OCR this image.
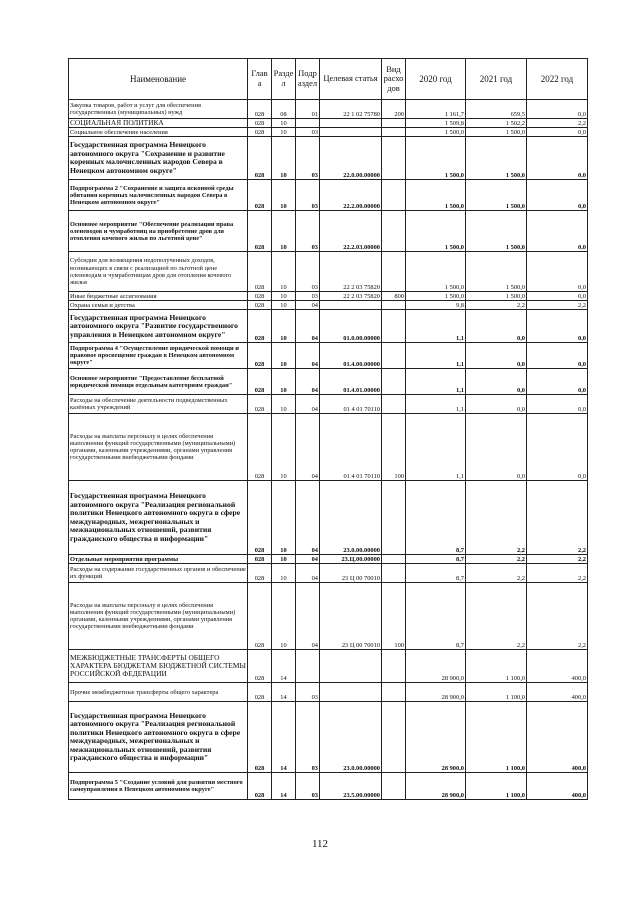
Наименование	Глав а	Разде л	Подр аздел	Целевая статья	Вид расхо дов	2020 год	2021 год	2022 год
Закупка товаров, работ и услуг для обеспечения государственных (муниципальных) нужд	028	08	01	22 1 02 75780	200	1 161,7	659,5	0,0
СОЦИАЛЬНАЯ ПОЛИТИКА	028	10				1 509,8	1 502,2	2,2
Социальное обеспечение населения	028	10	03			1 500,0	1 500,0	0,0
Государственная программа Ненецкого автономного округа "Сохранение и развитие коренных малочисленных народов Севера в Ненецком автономном округе"	028	10	03	22.0.00.00000		1 500,0	1 500,0	0,0
Подпрограмма 2 "Сохранение и защита исконной среды обитания коренных малочисленных народов Севера в Ненецком автономном округе"	028	10	03	22.2.00.00000		1 500,0	1 500,0	0,0
Основное мероприятие "Обеспечение реализации права оленеводов и чумработниц на приобретение дров для отопления кочевого жилья по льготной цене"	028	10	03	22.2.03.00000		1 500,0	1 500,0	0,0
Субсидии для возмещения недополученных доходов, возникающих в связи с реализацией по льготной цене оленеводам и чумработницам дров для отопления кочевого жилья	028	10	03	22 2 03 75820		1 500,0	1 500,0	0,0
Иные бюджетные ассигнования	028	10	03	22 2 03 75820	800	1 500,0	1 500,0	0,0
Охрана семьи и детства	028	10	04			9,8	2,2	2,2
Государственная программа Ненецкого автономного округа "Развитие государственного управления в Ненецком автономном округе"	028	10	04	01.0.00.00000		1,1	0,0	0,0
Подпрограмма 4 "Осуществление юридической помощи и правовое просвещение граждан в Ненецком автономном округе"	028	10	04	01.4.00.00000		1,1	0,0	0,0
Основное мероприятие "Предоставление бесплатной юридической помощи отдельным категориям граждан"	028	10	04	01.4.01.00000		1,1	0,0	0,0
Расходы на обеспечение деятельности подведомственных казённых учреждений	028	10	04	01 4 01 70110		1,1	0,0	0,0
Расходы на выплаты персоналу в целях обеспечения выполнения функций государственными (муниципальными) органами, казенными учреждениями, органами управления государственными внебюджетными фондами	028	10	04	01 4 01 70110	100	1,1	0,0	0,0
Государственная программа Ненецкого автономного округа "Реализация региональной политики Ненецкого автономного округа в сфере международных, межрегиональных и межнациональных отношений, развития гражданского общества и информации"	028	10	04	23.0.00.00000		8,7	2,2	2,2
Отдельные мероприятия программы	028	10	04	23.Ц.00.00000		8,7	2,2	2,2
Расходы на содержание государственных органов и обеспечение их функций	028	10	04	23 Ц 00 70010		8,7	2,2	2,2
Расходы на выплаты персоналу в целях обеспечения выполнения функций государственными (муниципальными) органами, казенными учреждениями, органами управления государственными внебюджетными фондами	028	10	04	23 Ц 00 70010	100	8,7	2,2	2,2
МЕЖБЮДЖЕТНЫЕ ТРАНСФЕРТЫ ОБЩЕГО ХАРАКТЕРА БЮДЖЕТАМ БЮДЖЕТНОЙ СИСТЕМЫ РОССИЙСКОЙ ФЕДЕРАЦИИ	028	14				28 900,0	1 100,0	400,0
Прочие межбюджетные трансферты общего характера	028	14	03			28 900,0	1 100,0	400,0
Государственная программа Ненецкого автономного округа "Реализация региональной политики Ненецкого автономного округа в сфере международных, межрегиональных и межнациональных отношений, развития гражданского общества и информации"	028	14	03	23.0.00.00000		28 900,0	1 100,0	400,0
Подпрограмма 5 "Создание условий для развития местного самоуправления в Ненецком автономном округе"	028	14	03	23.5.00.00000		28 900,0	1 100,0	400,0
112
